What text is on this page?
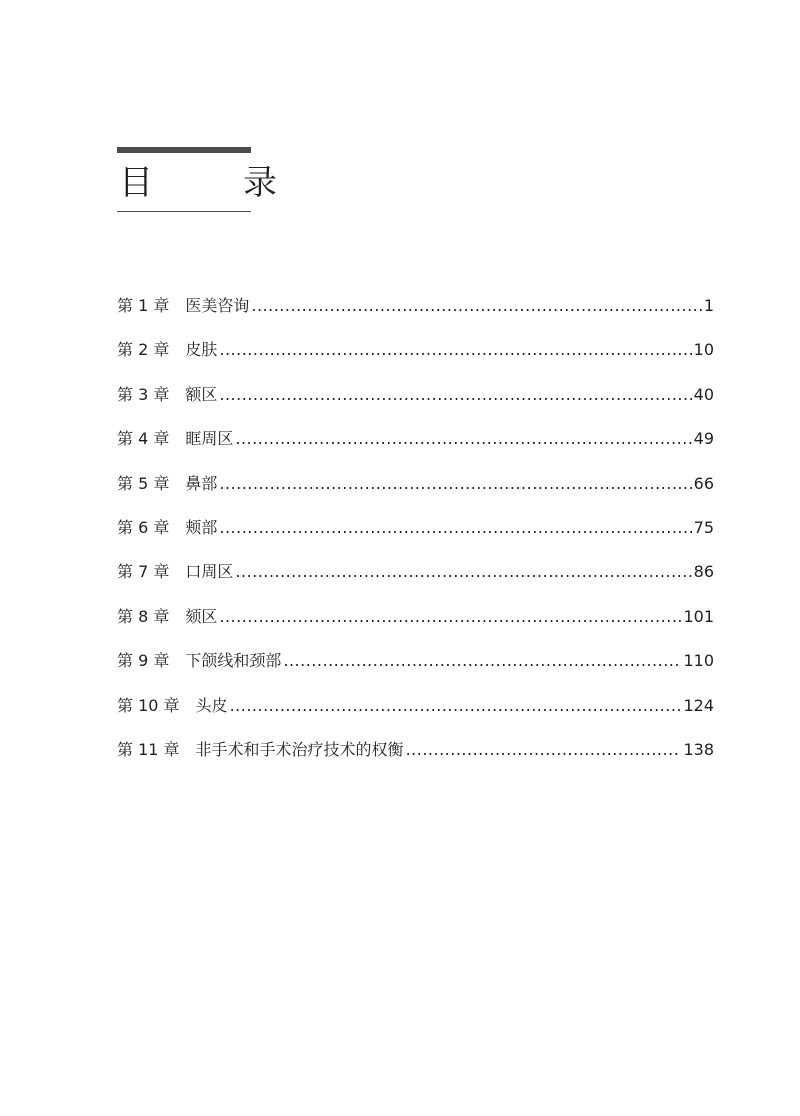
目　录
第 1 章	医美咨询 .....	1
第 2 章	皮肤 .....	10
第 3 章	额区 .....	40
第 4 章	眶周区 .....	49
第 5 章	鼻部 .....	66
第 6 章	颊部 .....	75
第 7 章	口周区 .....	86
第 8 章	颏区 .....	101
第 9 章	下颌线和颈部 .....	110
第 10 章	头皮 .....	124
第 11 章	非手术和手术治疗技术的权衡 .....	138
